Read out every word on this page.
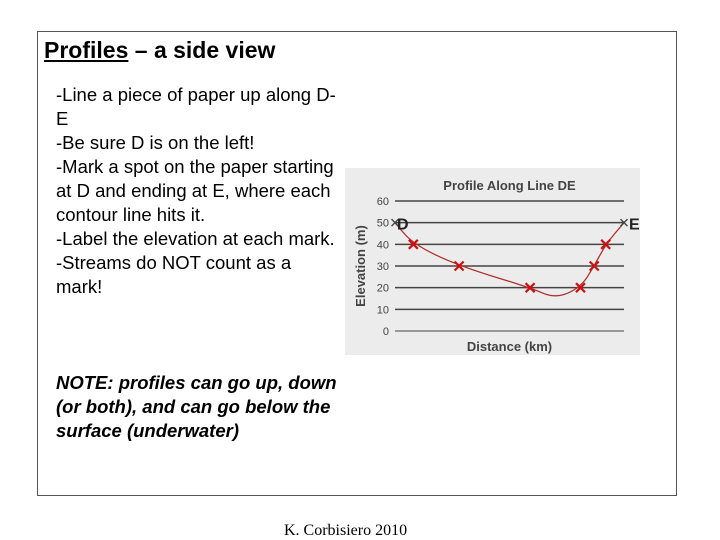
Profiles – a side view
-Line a piece of paper up along D-E
-Be sure D is on the left!
-Mark a spot on the paper starting at D and ending at E, where each contour line hits it.
-Label the elevation at each mark.
-Streams do NOT count as a mark!
NOTE: profiles can go up, down (or both), and can go below the surface (underwater)
K. Corbisiero 2010
Profile Along Line DE
0
10
20
30
40
50
60
Distance (km)
Elevation (m)
D	E
